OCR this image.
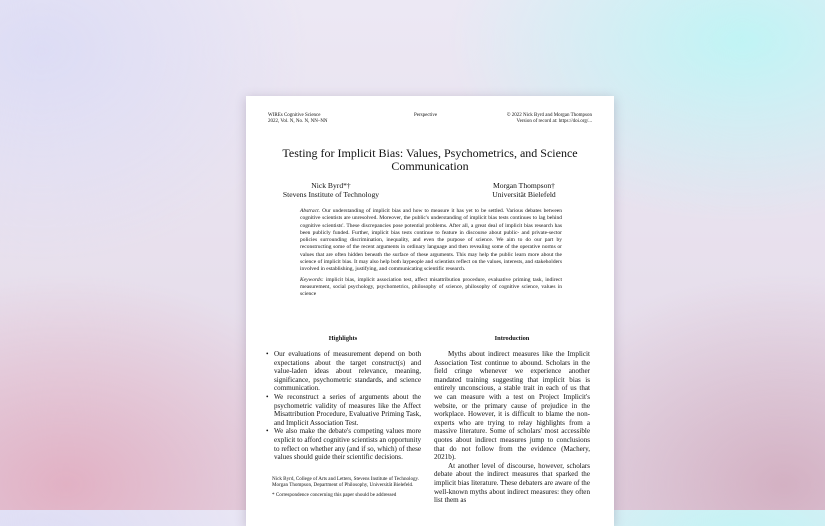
WIREs Cognitive Science
2022, Vol. N, No. N, NN–NN
Perspective	© 2022 Nick Byrd and Morgan Thompson
Version of record at: https://doi.org/...
Testing for Implicit Bias: Values, Psychometrics, and Science
Communication
Nick Byrd*†
Stevens Institute of Technology
Morgan Thompson†
Universität Bielefeld

Abstract. Our understanding of implicit bias and how to measure it has yet to be settled. Various debates between cognitive scientists are unresolved. Moreover, the public's understanding of implicit bias tests continues to lag behind cognitive scientists'. These discrepancies pose potential problems. After all, a great deal of implicit bias research has been publicly funded. Further, implicit bias tests continue to feature in discourse about public- and private-sector policies surrounding discrimination, inequality, and even the purpose of science. We aim to do our part by reconstructing some of the recent arguments in ordinary language and then revealing some of the operative norms or values that are often hidden beneath the surface of these arguments. This may help the public learn more about the science of implicit bias. It may also help both laypeople and scientists reflect on the values, interests, and stakeholders involved in establishing, justifying, and communicating scientific research.

Keywords: implicit bias, implicit association test, affect misattribution procedure, evaluative priming task, indirect measurement, social psychology, psychometrics, philosophy of science, philosophy of cognitive science, values in science

Highlights	Introduction
• Our evaluations of measurement depend on both expectations about the target construct(s) and value-laden ideas about relevance, meaning, significance, psychometric standards, and science communication.
• We reconstruct a series of arguments about the psychometric validity of measures like the Affect Misattribution Procedure, Evaluative Priming Task, and Implicit Association Test.
• We also make the debate's competing values more explicit to afford cognitive scientists an opportunity to reflect on whether any (and if so, which) of these values should guide their scientific decisions.

Nick Byrd, College of Arts and Letters, Stevens Institute of Technology. Morgan Thompson, Department of Philosophy, Universität Bielefeld.

* Correspondence concerning this paper should be addressed

Myths about indirect measures like the Implicit Association Test continue to abound. Scholars in the field cringe whenever we experience another mandated training suggesting that implicit bias is entirely unconscious, a stable trait in each of us that we can measure with a test on Project Implicit's website, or the primary cause of prejudice in the workplace. However, it is difficult to blame the non-experts who are trying to relay highlights from a massive literature. Some of scholars' most accessible quotes about indirect measures jump to conclusions that do not follow from the evidence (Machery, 2021b).

At another level of discourse, however, scholars debate about the indirect measures that sparked the implicit bias literature. These debaters are aware of the well-known myths about indirect measures: they often list them as
